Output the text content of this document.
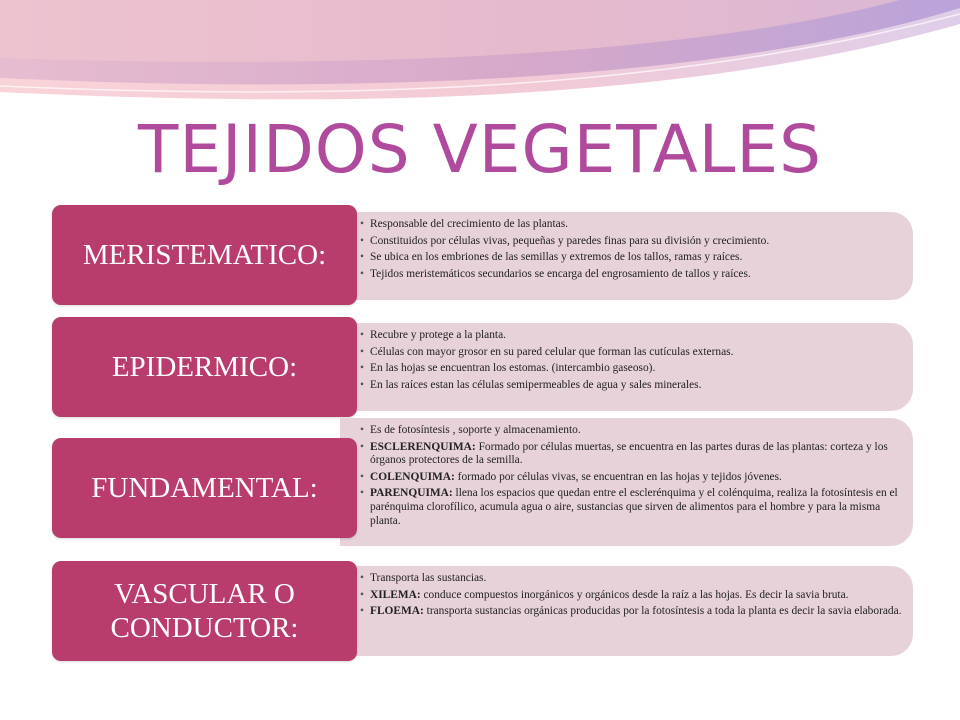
TEJIDOS VEGETALES
• Responsable del crecimiento de las plantas.
• Constituidos por células vivas, pequeñas y paredes finas para su división y crecimiento.
• Se ubica en los embriones de las semillas y extremos de los tallos, ramas y raíces.
• Tejidos meristemáticos secundarios se encarga del engrosamiento de tallos y raíces.
MERISTEMATICO:
• Recubre y protege a la planta.
• Células con mayor grosor en su pared celular que forman las cutículas externas.
• En las hojas se encuentran los estomas. (intercambio gaseoso).
• En las raíces estan las células semipermeables de agua y sales minerales.
EPIDERMICO:
• Es de fotosíntesis , soporte y almacenamiento.
• ESCLERENQUIMA: Formado por células muertas, se encuentra en las partes duras de las plantas: corteza y los órganos protectores de la semilla.
• COLENQUIMA: formado por células vivas, se encuentran en las hojas y tejidos jóvenes.
• PARENQUIMA: llena los espacios que quedan entre el esclerénquima y el colénquima, realiza la fotosíntesis en el parénquima clorofílico, acumula agua o aire, sustancias que sirven de alimentos para el hombre y para la misma planta.
FUNDAMENTAL:
• Transporta las sustancias.
• XILEMA: conduce compuestos inorgánicos y orgánicos desde la raíz a las hojas. Es decir la savia bruta.
• FLOEMA: transporta sustancias orgánicas producidas por la fotosíntesis a toda la planta es decir la savia elaborada.
VASCULAR O CONDUCTOR:
